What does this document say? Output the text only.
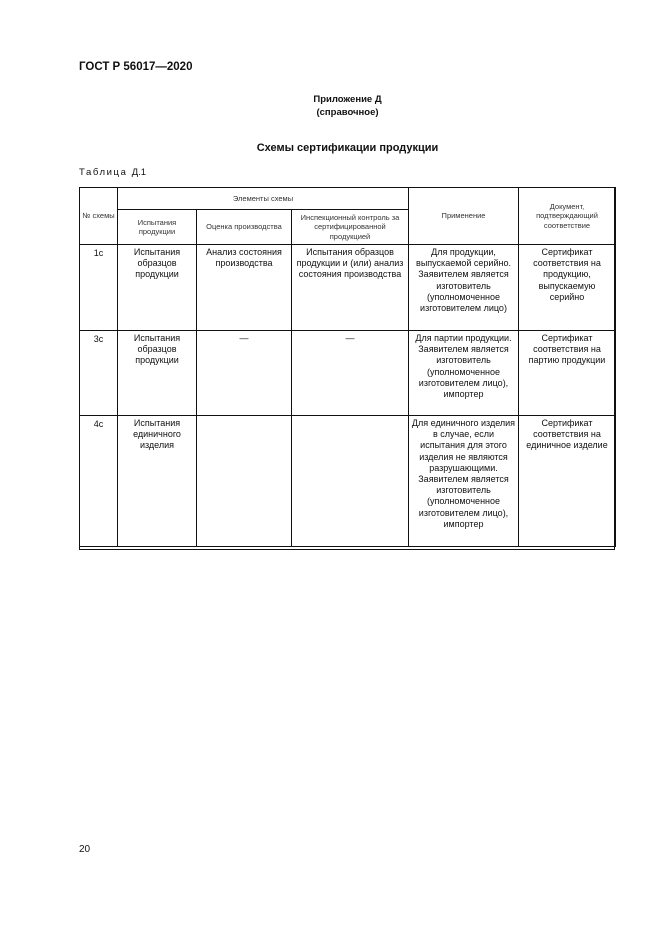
ГОСТ Р 56017—2020
Приложение Д
(справочное)
Схемы сертификации продукции
Таблица Д.1
№ схемы	Элементы схемы			Применение	Документ, подтверждающий соответствие
	Испытания продукции	Оценка производства	Инспекционный контроль за сертифицированной продукцией		
1с	Испытания образцов продукции	Анализ состояния производства	Испытания образцов продукции и (или) анализ состояния производства	Для продукции, выпускаемой серийно. Заявителем является изготовитель (уполномоченное изготовителем лицо)	Сертификат соответствия на продукцию, выпускаемую серийно
3с	Испытания образцов продукции	—	—	Для партии продукции. Заявителем является изготовитель (уполномоченное изготовителем лицо), импортер	Сертификат соответствия на партию продукции
4с	Испытания единичного изделия			Для единичного изделия в случае, если испытания для этого изделия не являются разрушающими. Заявителем является изготовитель (уполномоченное изготовителем лицо), импортер	Сертификат соответствия на единичное изделие
20
